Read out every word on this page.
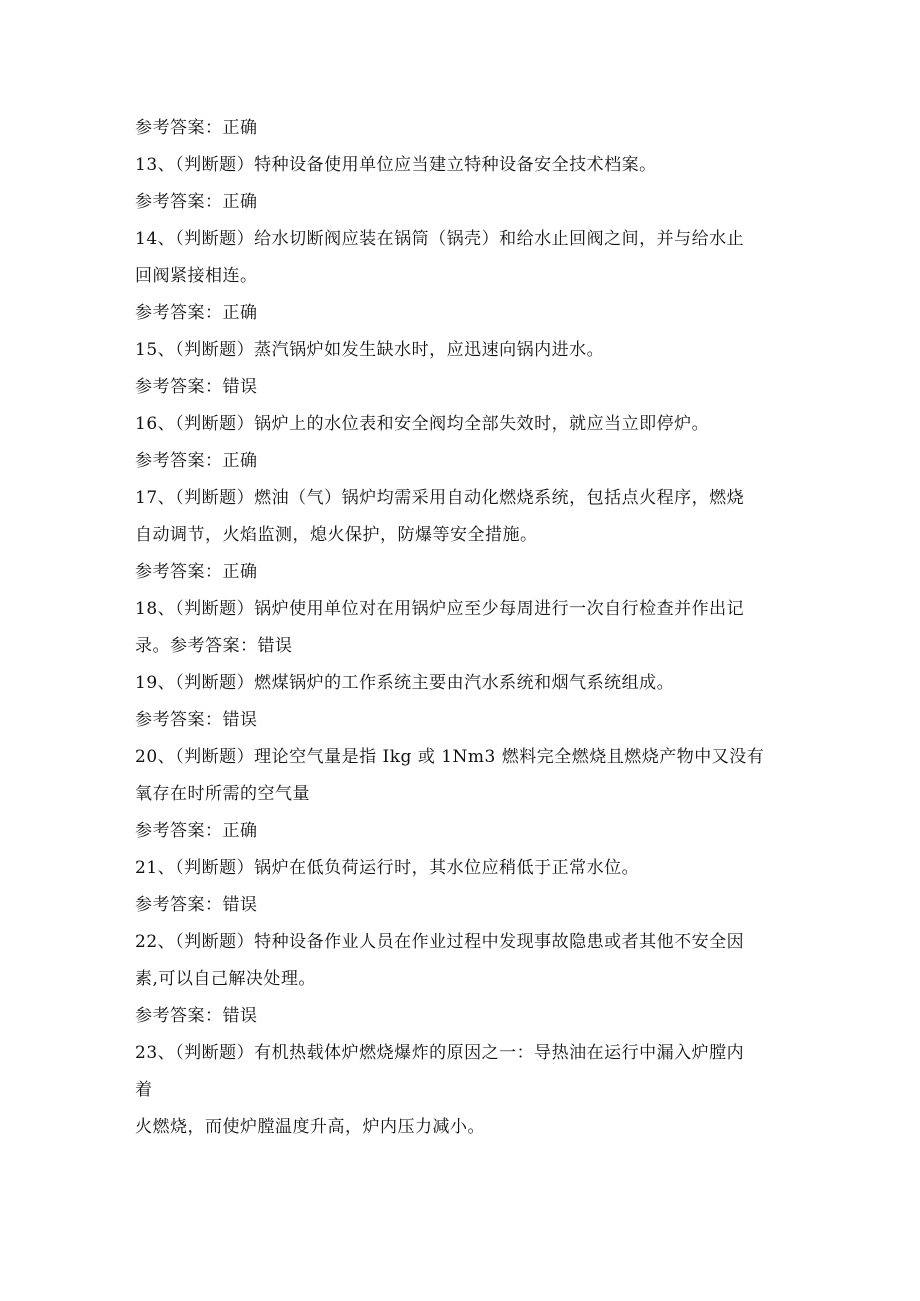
参考答案：正确

13、（判断题）特种设备使用单位应当建立特种设备安全技术档案。

参考答案：正确

14、（判断题）给水切断阀应装在锅筒（锅壳）和给水止回阀之间，并与给水止

回阀紧接相连。

参考答案：正确

15、（判断题）蒸汽锅炉如发生缺水时，应迅速向锅内进水。

参考答案：错误

16、（判断题）锅炉上的水位表和安全阀均全部失效时，就应当立即停炉。

参考答案：正确

17、（判断题）燃油（气）锅炉均需采用自动化燃烧系统，包括点火程序，燃烧

自动调节，火焰监测，熄火保护，防爆等安全措施。

参考答案：正确

18、（判断题）锅炉使用单位对在用锅炉应至少每周进行一次自行检查并作出记

录。参考答案：错误

19、（判断题）燃煤锅炉的工作系统主要由汽水系统和烟气系统组成。

参考答案：错误

20、（判断题）理论空气量是指 Ikg 或 1Nm3 燃料完全燃烧且燃烧产物中又没有

氧存在时所需的空气量

参考答案：正确

21、（判断题）锅炉在低负荷运行时，其水位应稍低于正常水位。

参考答案：错误

22、（判断题）特种设备作业人员在作业过程中发现事故隐患或者其他不安全因

素,可以自己解决处理。

参考答案：错误

23、（判断题）有机热载体炉燃烧爆炸的原因之一：导热油在运行中漏入炉膛内

着

火燃烧，而使炉膛温度升高，炉内压力减小。
